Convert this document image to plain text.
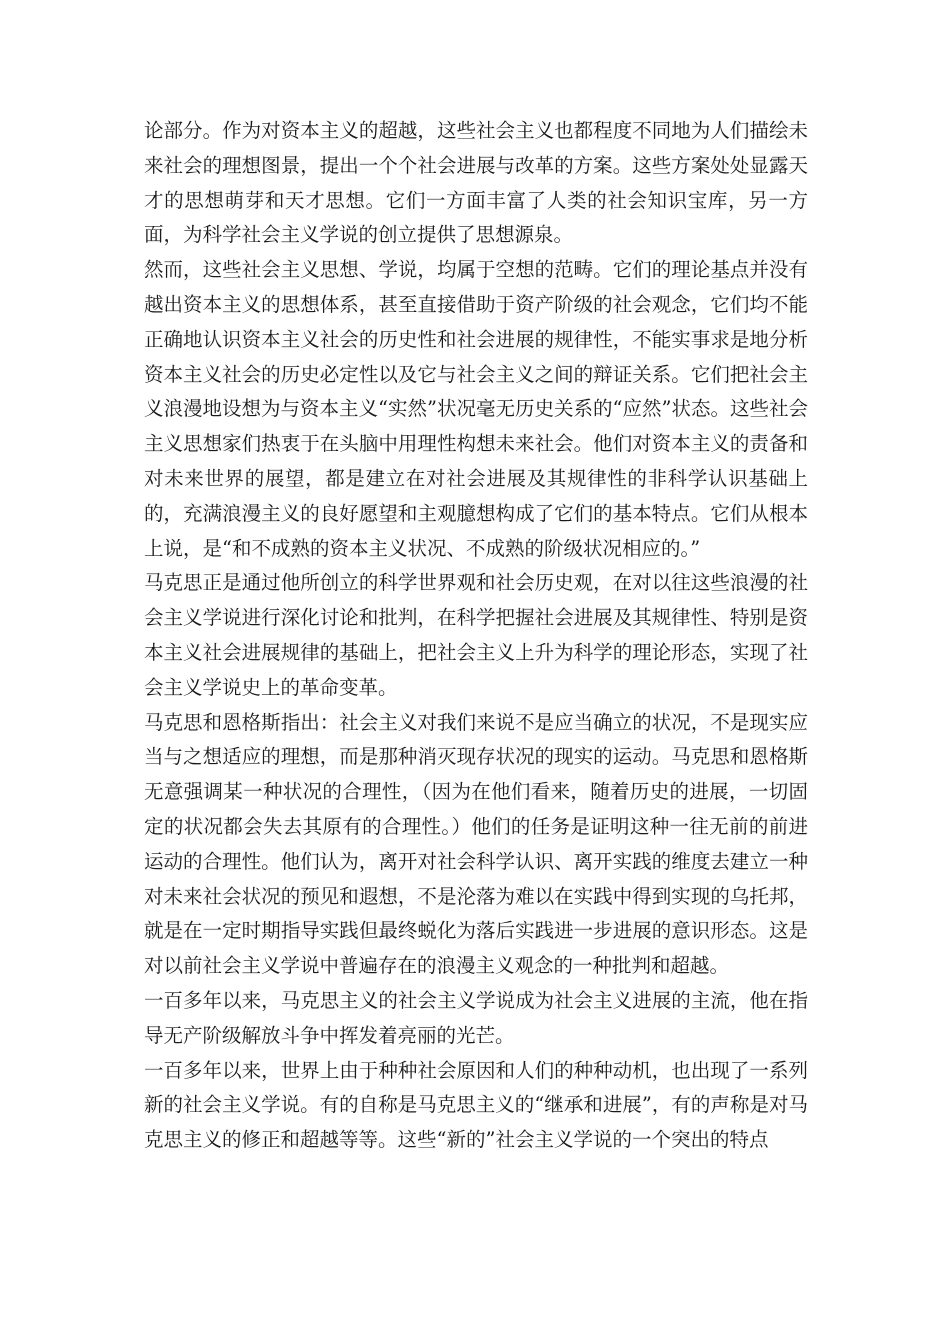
论部分。作为对资本主义的超越，这些社会主义也都程度不同地为人们描绘未来社会的理想图景，提出一个个社会进展与改革的方案。这些方案处处显露天才的思想萌芽和天才思想。它们一方面丰富了人类的社会知识宝库，另一方面，为科学社会主义学说的创立提供了思想源泉。

然而，这些社会主义思想、学说，均属于空想的范畴。它们的理论基点并没有越出资本主义的思想体系，甚至直接借助于资产阶级的社会观念，它们均不能正确地认识资本主义社会的历史性和社会进展的规律性，不能实事求是地分析资本主义社会的历史必定性以及它与社会主义之间的辩证关系。它们把社会主义浪漫地设想为与资本主义“实然”状况毫无历史关系的“应然”状态。这些社会主义思想家们热衷于在头脑中用理性构想未来社会。他们对资本主义的责备和对未来世界的展望，都是建立在对社会进展及其规律性的非科学认识基础上的，充满浪漫主义的良好愿望和主观臆想构成了它们的基本特点。它们从根本上说，是“和不成熟的资本主义状况、不成熟的阶级状况相应的。”

马克思正是通过他所创立的科学世界观和社会历史观，在对以往这些浪漫的社会主义学说进行深化讨论和批判，在科学把握社会进展及其规律性、特别是资本主义社会进展规律的基础上，把社会主义上升为科学的理论形态，实现了社会主义学说史上的革命变革。

马克思和恩格斯指出：社会主义对我们来说不是应当确立的状况，不是现实应当与之想适应的理想，而是那种消灭现存状况的现实的运动。马克思和恩格斯无意强调某一种状况的合理性，（因为在他们看来，随着历史的进展，一切固定的状况都会失去其原有的合理性。）他们的任务是证明这种一往无前的前进运动的合理性。他们认为，离开对社会科学认识、离开实践的维度去建立一种对未来社会状况的预见和遐想，不是沦落为难以在实践中得到实现的乌托邦，就是在一定时期指导实践但最终蜕化为落后实践进一步进展的意识形态。这是对以前社会主义学说中普遍存在的浪漫主义观念的一种批判和超越。

一百多年以来，马克思主义的社会主义学说成为社会主义进展的主流，他在指导无产阶级解放斗争中挥发着亮丽的光芒。

一百多年以来，世界上由于种种社会原因和人们的种种动机，也出现了一系列新的社会主义学说。有的自称是马克思主义的“继承和进展”，有的声称是对马克思主义的修正和超越等等。这些“新的”社会主义学说的一个突出的特点
